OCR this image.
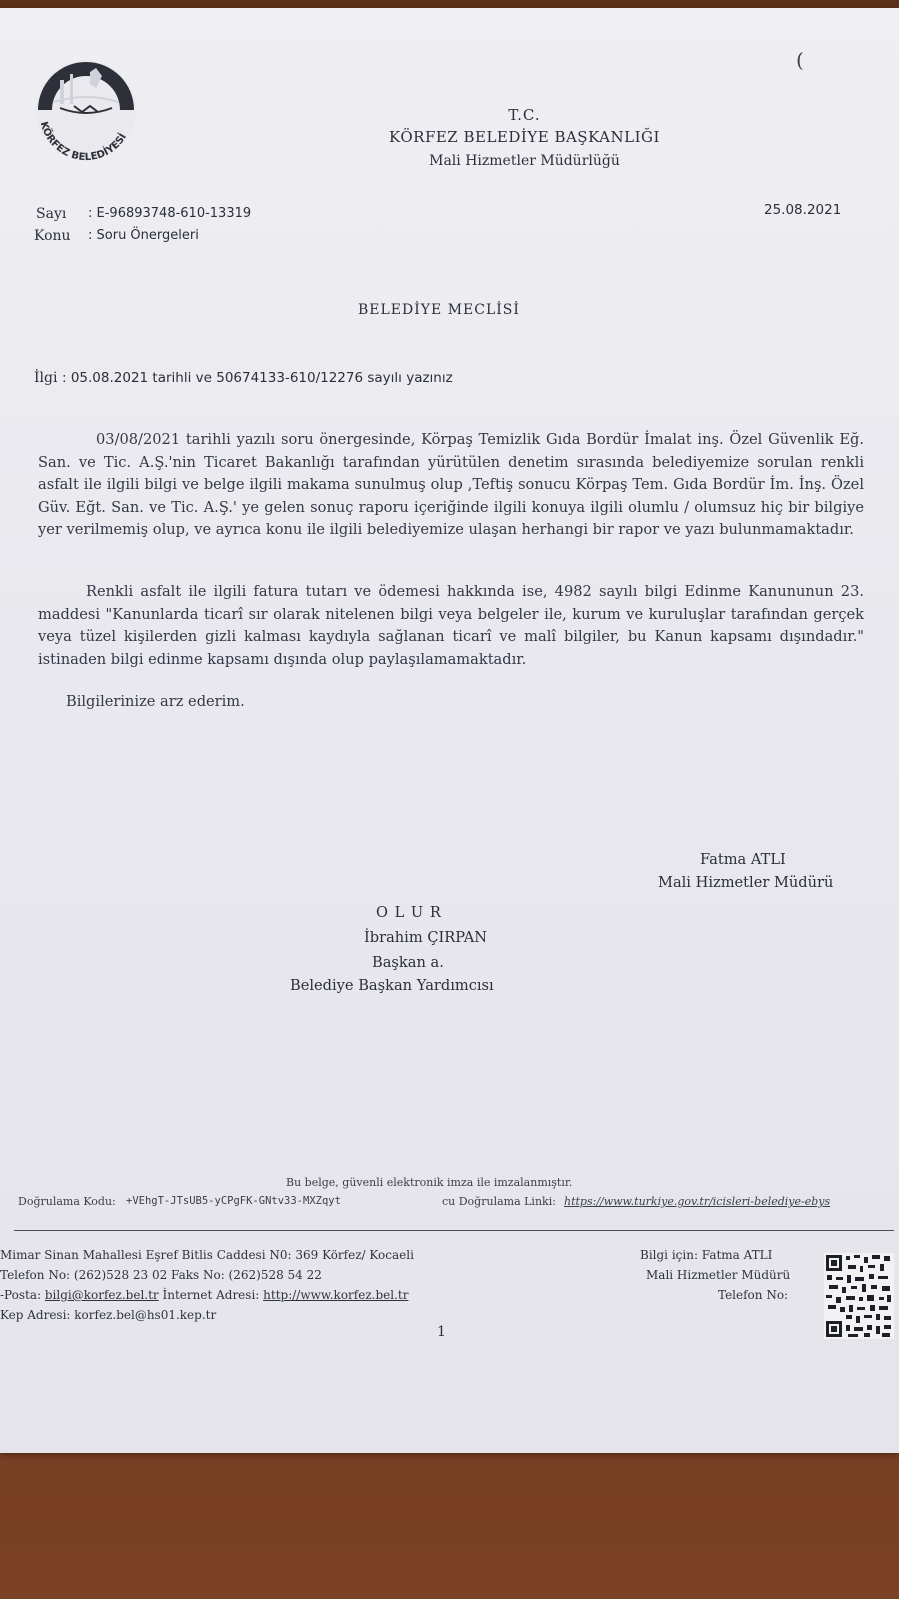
KÖRFEZ BELEDİYESİ
(
T.C.
KÖRFEZ BELEDİYE BAŞKANLIĞI
Mali Hizmetler Müdürlüğü
Sayı : E-96893748-610-13319
Konu : Soru Önergeleri
25.08.2021
BELEDİYE MECLİSİ
İlgi : 05.08.2021 tarihli ve 50674133-610/12276 sayılı yazınız
03/08/2021 tarihli yazılı soru önergesinde, Körpaş Temizlik Gıda Bordür İmalat inş. Özel Güvenlik Eğ. San. ve Tic. A.Ş.'nin Ticaret Bakanlığı tarafından yürütülen denetim sırasında belediyemize sorulan renkli asfalt ile ilgili bilgi ve belge ilgili makama sunulmuş olup ,Teftiş sonucu Körpaş Tem. Gıda Bordür İm. İnş. Özel Güv. Eğt. San. ve Tic. A.Ş.' ye gelen sonuç raporu içeriğinde ilgili konuya ilgili olumlu / olumsuz hiç bir bilgiye yer verilmemiş olup, ve ayrıca konu ile ilgili belediyemize ulaşan herhangi bir rapor ve yazı bulunmamaktadır.
Renkli asfalt ile ilgili fatura tutarı ve ödemesi hakkında ise, 4982 sayılı bilgi Edinme Kanununun 23. maddesi "Kanunlarda ticarî sır olarak nitelenen bilgi veya belgeler ile, kurum ve kuruluşlar tarafından gerçek veya tüzel kişilerden gizli kalması kaydıyla sağlanan ticarî ve malî bilgiler, bu Kanun kapsamı dışındadır." istinaden bilgi edinme kapsamı dışında olup paylaşılamamaktadır.
Bilgilerinize arz ederim.
Fatma ATLI
Mali Hizmetler Müdürü
O L U R
İbrahim ÇIRPAN
Başkan a.
Belediye Başkan Yardımcısı
Bu belge, güvenli elektronik imza ile imzalanmıştır.
Doğrulama Kodu: +VEhgT-JTsUB5-yCPgFK-GNtv33-MXZqyt	cu Doğrulama Linki: https://www.turkiye.gov.tr/icisleri-belediye-ebys
Mimar Sinan Mahallesi Eşref Bitlis Caddesi N0: 369 Körfez/ Kocaeli
Telefon No: (262)528 23 02 Faks No: (262)528 54 22
-Posta: bilgi@korfez.bel.tr İnternet Adresi: http://www.korfez.bel.tr
Kep Adresi: korfez.bel@hs01.kep.tr
Bilgi için: Fatma ATLI
Mali Hizmetler Müdürü
Telefon No:
1
